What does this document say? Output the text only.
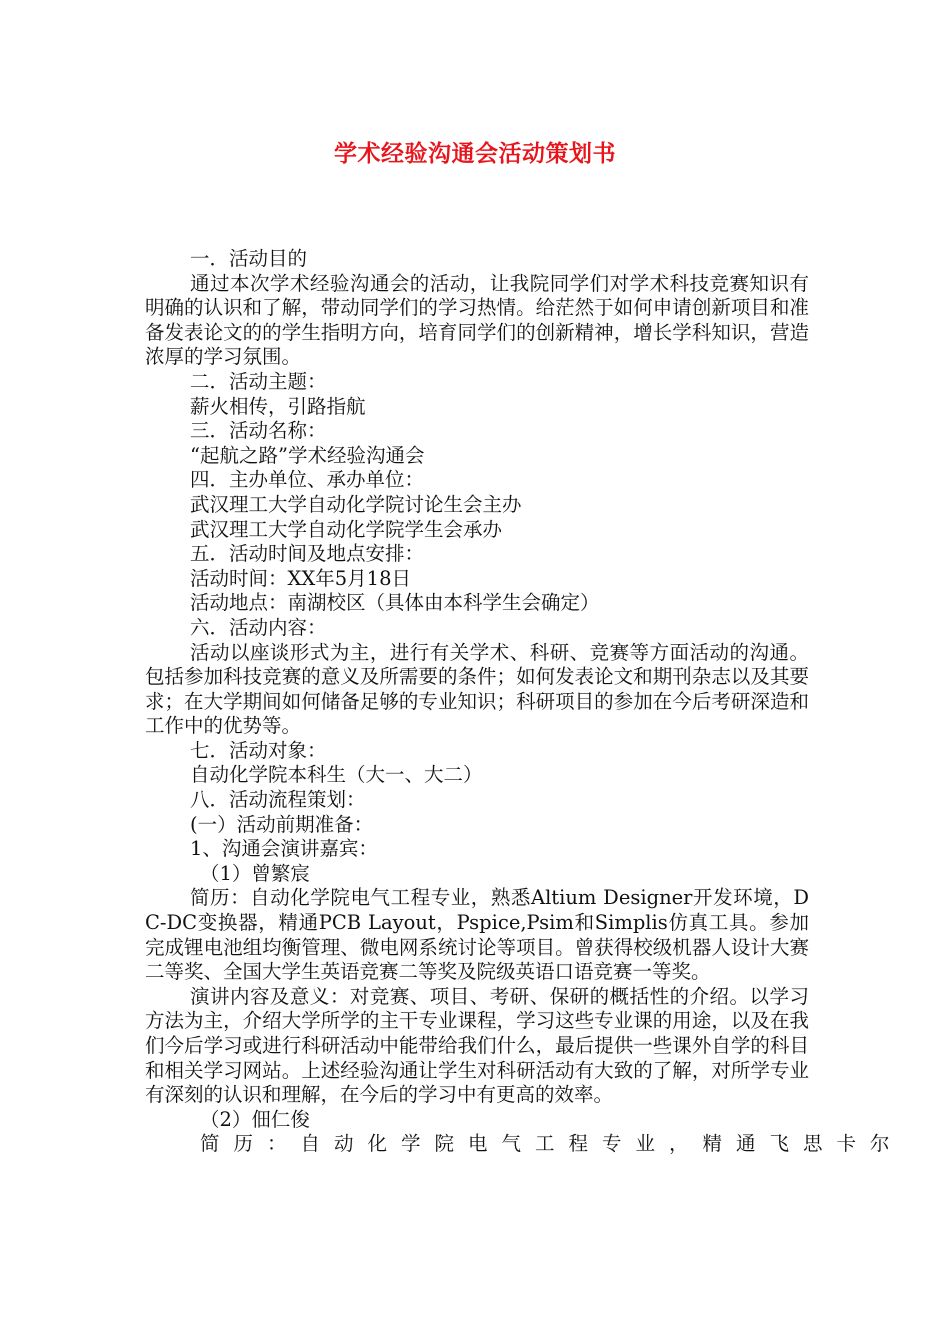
学术经验沟通会活动策划书

一．活动目的

通过本次学术经验沟通会的活动，让我院同学们对学术科技竞赛知识有明确的认识和了解，带动同学们的学习热情。给茫然于如何申请创新项目和准备发表论文的的学生指明方向，培育同学们的创新精神，增长学科知识，营造浓厚的学习氛围。

二．活动主题：

薪火相传，引路指航

三．活动名称：

“起航之路”学术经验沟通会

四．主办单位、承办单位：

武汉理工大学自动化学院讨论生会主办

武汉理工大学自动化学院学生会承办

五．活动时间及地点安排：

活动时间：XX年5月18日

活动地点：南湖校区（具体由本科学生会确定）

六．活动内容：

活动以座谈形式为主，进行有关学术、科研、竞赛等方面活动的沟通。包括参加科技竞赛的意义及所需要的条件；如何发表论文和期刊杂志以及其要求；在大学期间如何储备足够的专业知识；科研项目的参加在今后考研深造和工作中的优势等。

七．活动对象：

自动化学院本科生（大一、大二）

八．活动流程策划：

(一）活动前期准备：

1、沟通会演讲嘉宾：

（1）曾繁宸

简历：自动化学院电气工程专业，熟悉Altium Designer开发环境，DC-DC变换器，精通PCB Layout，Pspice,Psim和Simplis仿真工具。参加完成锂电池组均衡管理、微电网系统讨论等项目。曾获得校级机器人设计大赛二等奖、全国大学生英语竞赛二等奖及院级英语口语竞赛一等奖。

演讲内容及意义：对竞赛、项目、考研、保研的概括性的介绍。以学习方法为主，介绍大学所学的主干专业课程，学习这些专业课的用途，以及在我们今后学习或进行科研活动中能带给我们什么，最后提供一些课外自学的科目和相关学习网站。上述经验沟通让学生对科研活动有大致的了解，对所学专业有深刻的认识和理解，在今后的学习中有更高的效率。

（2）佃仁俊

简历：自动化学院电气工程专业，精通飞思卡尔
